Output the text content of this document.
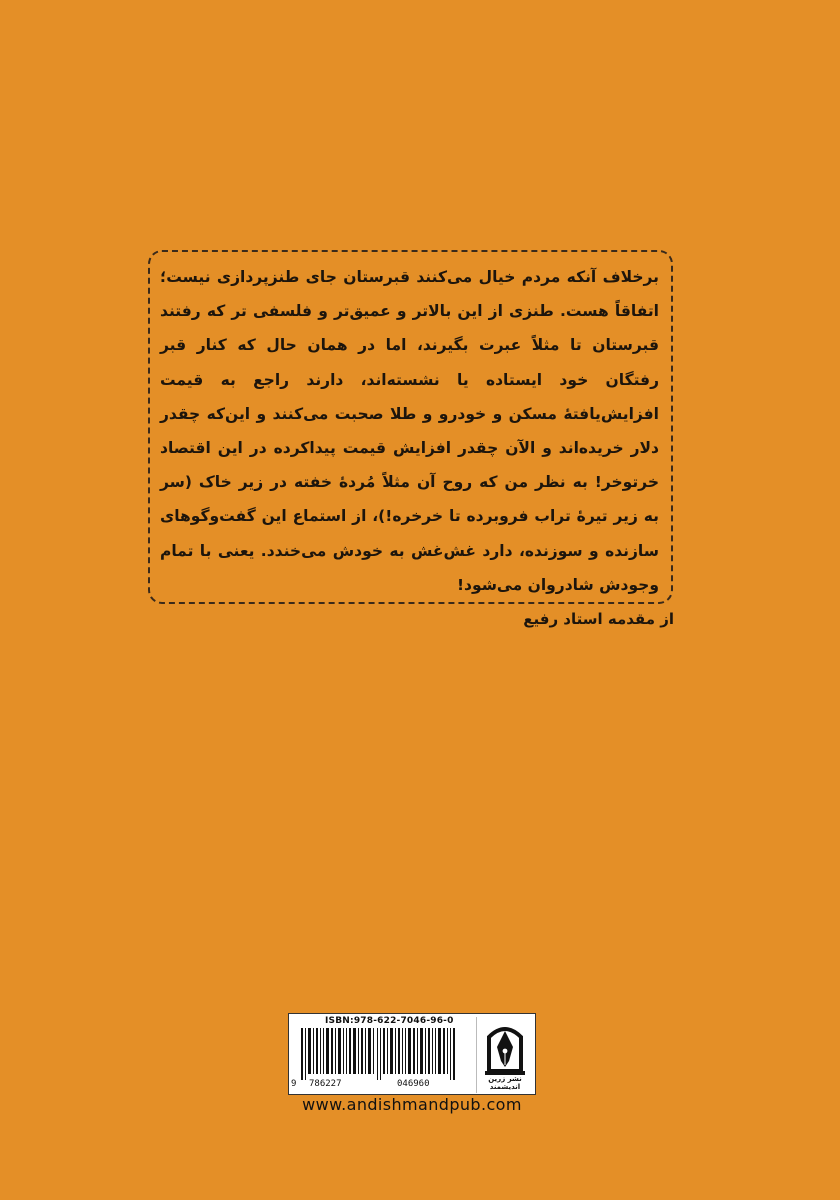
برخلاف آنکه مردم خیال می‌کنند قبرستان جای طنزپردازی نیست؛ اتفاقاً هست. طنزی از این بالاتر و عمیق‌تر و فلسفی تر که رفتند قبرستان تا مثلاً عبرت بگیرند، اما در همان حال که کنار قبر رفتگان خود ایستاده یا نشسته‌اند، دارند راجع به قیمت افزایش‌یافتهٔ مسکن و خودرو و طلا صحبت می‌کنند و این‌که چقدر دلار خریده‌اند و الآن چقدر افزایش قیمت پیداکرده در این اقتصاد خرتوخر! به نظر من که روح آن مثلاً مُردهٔ خفته در زیر خاک (سر به زیر تیرهٔ تراب فروبرده تا خرخره!)، از استماع این گفت‌وگوهای سازنده و سوزنده، دارد غش‌غش به خودش می‌خندد. یعنی با تمام وجودش شادروان می‌شود!

از مقدمه استاد رفیع
ISBN:978-622-7046-96-0
9 786227	046960	نشر زرین اندیشمند
www.andishmandpub.com
